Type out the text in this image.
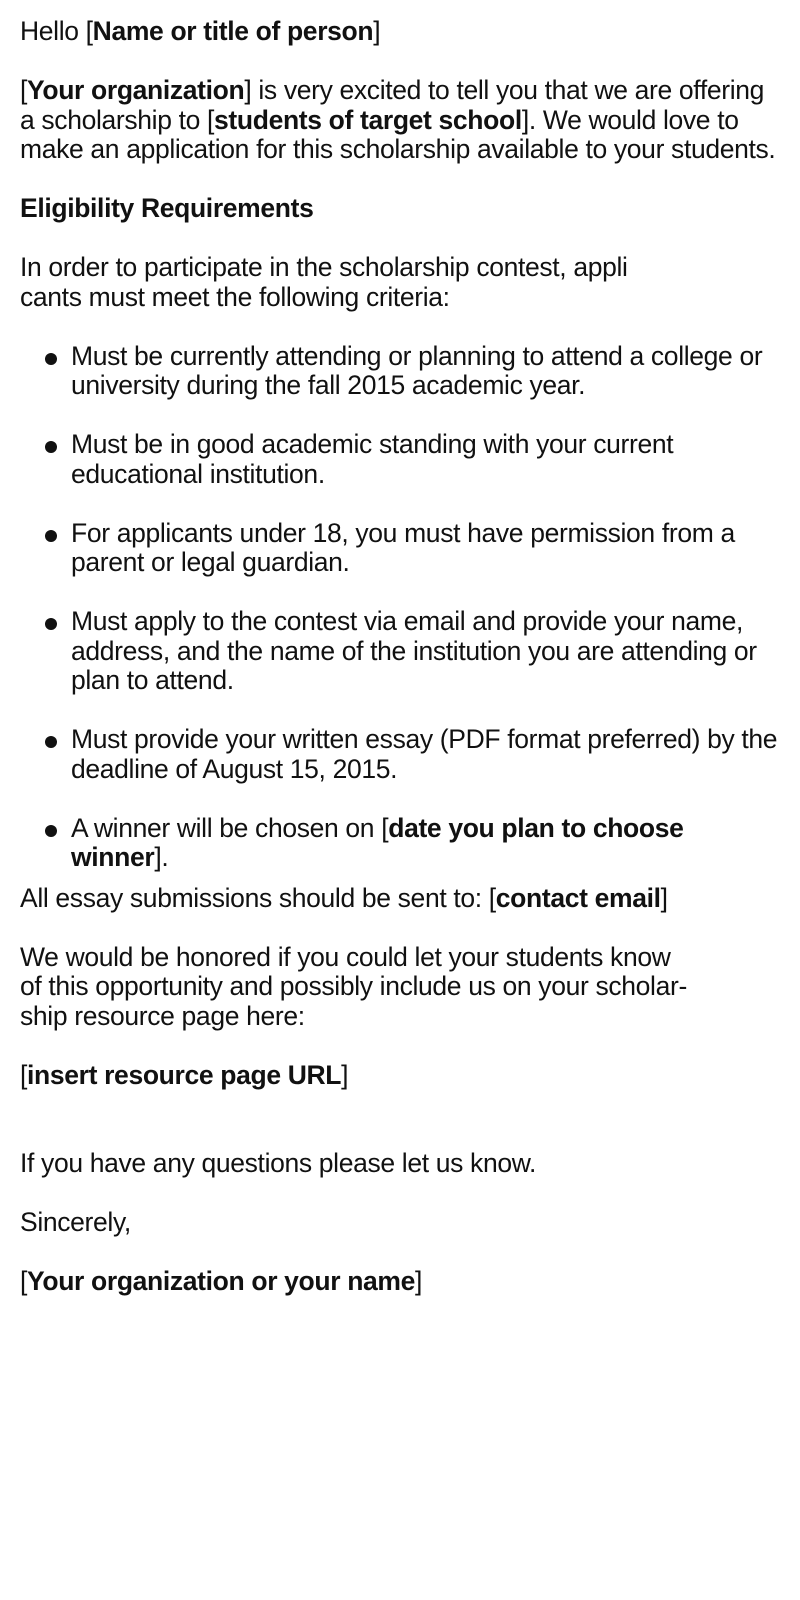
Hello [Name or title of person]

[Your organization] is very excited to tell you that we are offering a scholarship to [students of target school]. We would love to make an application for this scholarship available to your students.

Eligibility Requirements

In order to participate in the scholarship contest, appli
cants must meet the following criteria:

Must be currently attending or planning to attend a college or university during the fall 2015 academic year.
Must be in good academic standing with your current educational institution.
For applicants under 18, you must have permission from a parent or legal guardian.
Must apply to the contest via email and provide your name, address, and the name of the institution you are attending or plan to attend.
Must provide your written essay (PDF format preferred) by the deadline of August 15, 2015.
A winner will be chosen on [date you plan to choose winner].

All essay submissions should be sent to: [contact email]

We would be honored if you could let your students know
of this opportunity and possibly include us on your scholar-
ship resource page here:

[insert resource page URL]

If you have any questions please let us know.

Sincerely,

[Your organization or your name]
